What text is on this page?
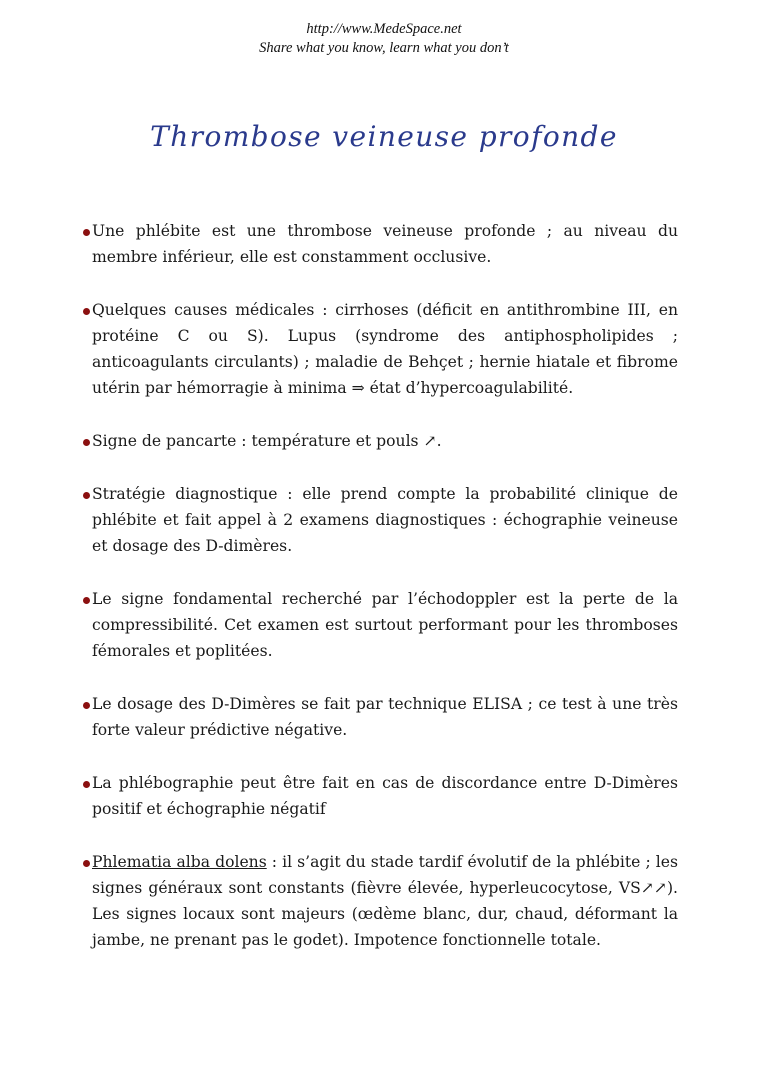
http://www.MedeSpace.net
Share what you know, learn what you don’t
Thrombose veineuse profonde

Une phlébite est une thrombose veineuse profonde ; au niveau du membre inférieur, elle est constamment occlusive.

Quelques causes médicales : cirrhoses (déficit en antithrombine III, en protéine C ou S). Lupus (syndrome des antiphospholipides ; anticoagulants circulants) ; maladie de Behçet ; hernie hiatale et fibrome utérin par hémorragie à minima ⇒ état d’hypercoagulabilité.

Signe de pancarte : température et pouls ↗.

Stratégie diagnostique : elle prend compte la probabilité clinique de phlébite et fait appel à 2 examens diagnostiques : échographie veineuse et dosage des D-dimères.

Le signe fondamental recherché par l’échodoppler est la perte de la compressibilité. Cet examen est surtout performant pour les thromboses fémorales et poplitées.

Le dosage des D-Dimères se fait par technique ELISA ; ce test à une très forte valeur prédictive négative.

La phlébographie peut être fait en cas de discordance entre D-Dimères positif et échographie négatif

Phlematia alba dolens : il s’agit du stade tardif évolutif de la phlébite ; les signes généraux sont constants (fièvre élevée, hyperleucocytose, VS↗↗). Les signes locaux sont majeurs (œdème blanc, dur, chaud, déformant la jambe, ne prenant pas le godet). Impotence fonctionnelle totale.
